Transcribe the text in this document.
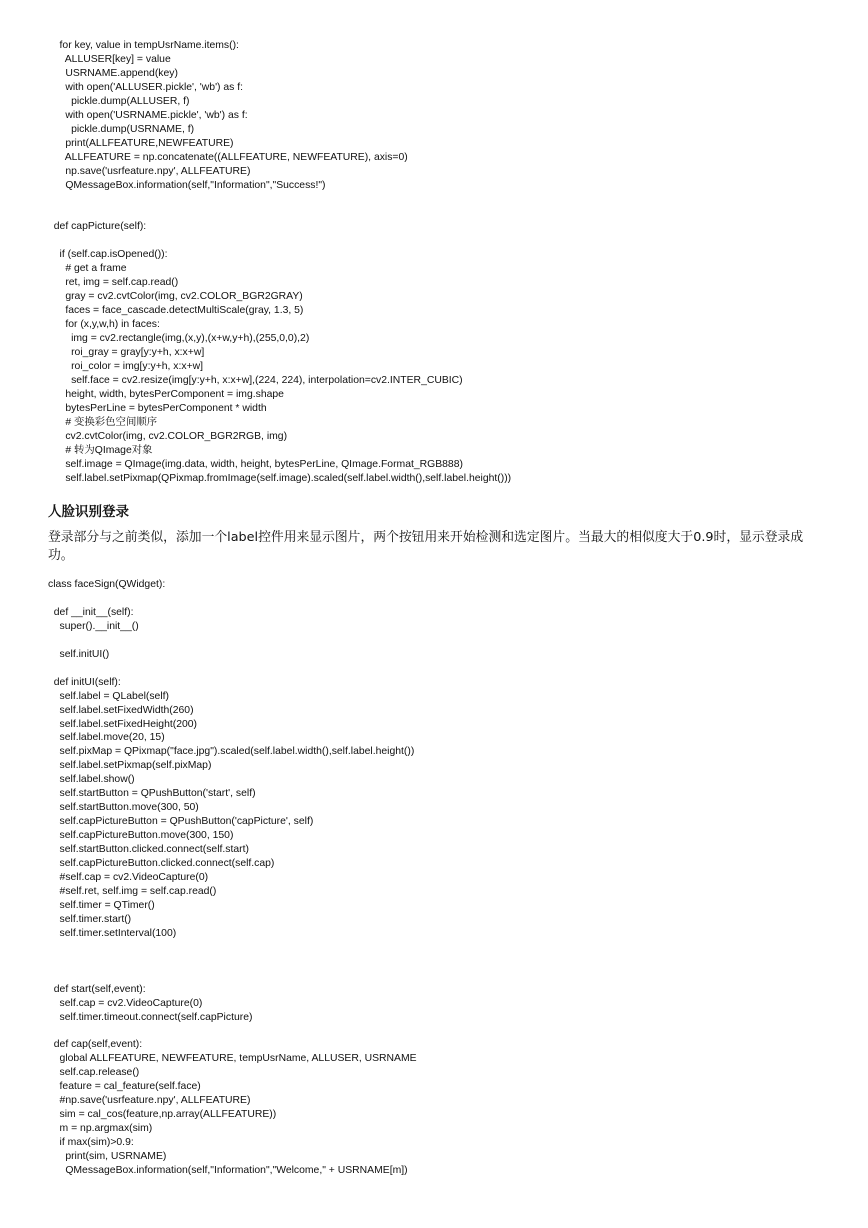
for key, value in tempUsrName.items():
ALLUSER[key] = value
USRNAME.append(key)
with open('ALLUSER.pickle', 'wb') as f:
pickle.dump(ALLUSER, f)
with open('USRNAME.pickle', 'wb') as f:
pickle.dump(USRNAME, f)
print(ALLFEATURE,NEWFEATURE)
ALLFEATURE = np.concatenate((ALLFEATURE, NEWFEATURE), axis=0)
np.save('usrfeature.npy', ALLFEATURE)
QMessageBox.information(self,"Information","Success!")
def capPicture(self):
if (self.cap.isOpened()):
# get a frame
ret, img = self.cap.read()
gray = cv2.cvtColor(img, cv2.COLOR_BGR2GRAY)
faces = face_cascade.detectMultiScale(gray, 1.3, 5)
for (x,y,w,h) in faces:
img = cv2.rectangle(img,(x,y),(x+w,y+h),(255,0,0),2)
roi_gray = gray[y:y+h, x:x+w]
roi_color = img[y:y+h, x:x+w]
self.face = cv2.resize(img[y:y+h, x:x+w],(224, 224), interpolation=cv2.INTER_CUBIC)
height, width, bytesPerComponent = img.shape
bytesPerLine = bytesPerComponent * width
# 变换彩色空间顺序
cv2.cvtColor(img, cv2.COLOR_BGR2RGB, img)
# 转为QImage对象
self.image = QImage(img.data, width, height, bytesPerLine, QImage.Format_RGB888)
self.label.setPixmap(QPixmap.fromImage(self.image).scaled(self.label.width(),self.label.height()))
人脸识别登录
登录部分与之前类似，添加一个label控件用来显示图片，两个按钮用来开始检测和选定图片。当最大的相似度大于0.9时，显示登录成功。
class faceSign(QWidget):
def __init__(self):
super().__init__()
self.initUI()
def initUI(self):
self.label = QLabel(self)
self.label.setFixedWidth(260)
self.label.setFixedHeight(200)
self.label.move(20, 15)
self.pixMap = QPixmap("face.jpg").scaled(self.label.width(),self.label.height())
self.label.setPixmap(self.pixMap)
self.label.show()
self.startButton = QPushButton('start', self)
self.startButton.move(300, 50)
self.capPictureButton = QPushButton('capPicture', self)
self.capPictureButton.move(300, 150)
self.startButton.clicked.connect(self.start)
self.capPictureButton.clicked.connect(self.cap)
#self.cap = cv2.VideoCapture(0)
#self.ret, self.img = self.cap.read()
self.timer = QTimer()
self.timer.start()
self.timer.setInterval(100)
def start(self,event):
self.cap = cv2.VideoCapture(0)
self.timer.timeout.connect(self.capPicture)
def cap(self,event):
global ALLFEATURE, NEWFEATURE, tempUsrName, ALLUSER, USRNAME
self.cap.release()
feature = cal_feature(self.face)
#np.save('usrfeature.npy', ALLFEATURE)
sim = cal_cos(feature,np.array(ALLFEATURE))
m = np.argmax(sim)
if max(sim)>0.9:
print(sim, USRNAME)
QMessageBox.information(self,"Information","Welcome," + USRNAME[m])
